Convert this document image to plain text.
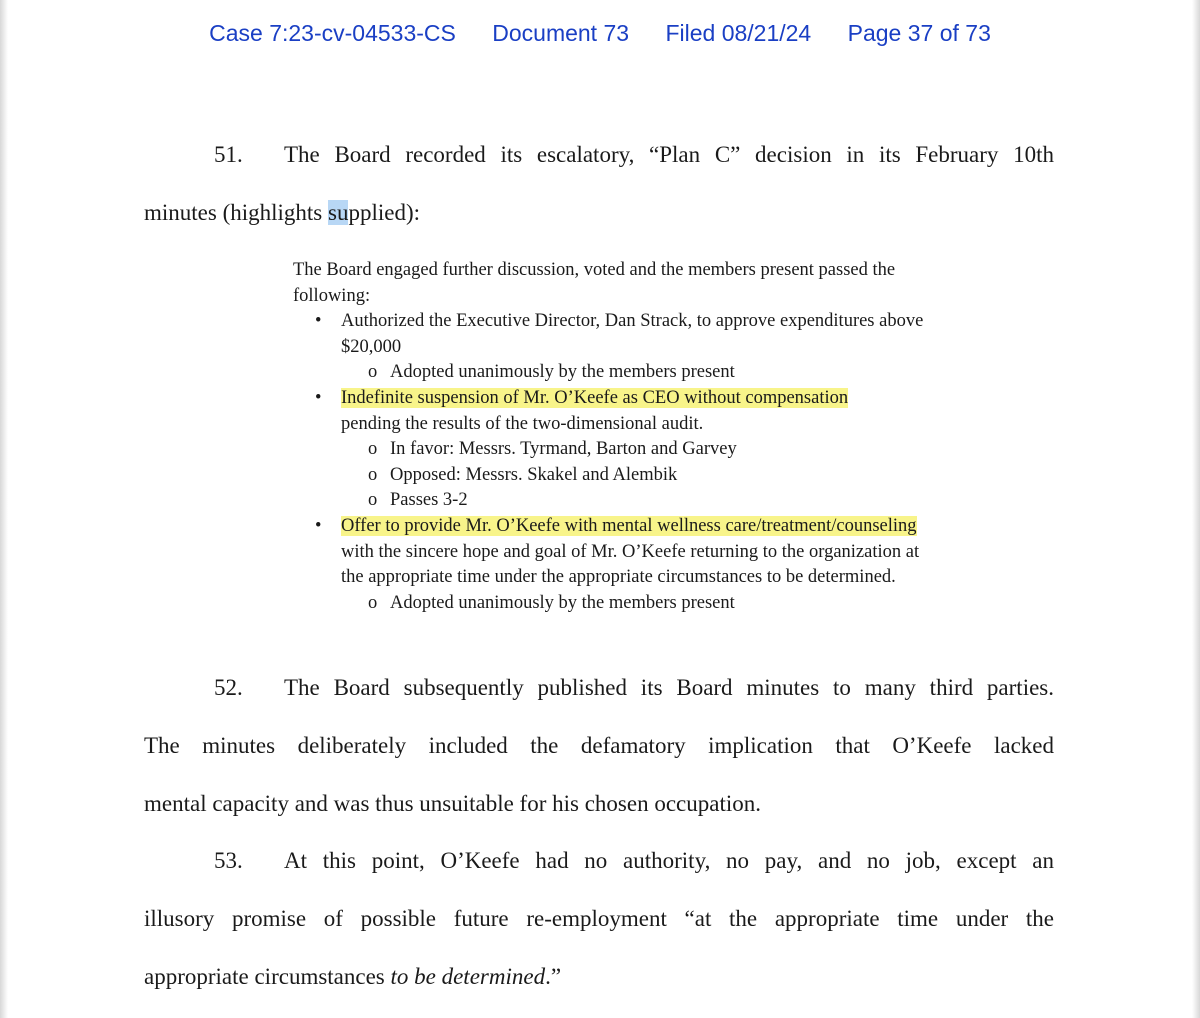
Case 7:23-cv-04533-CS Document 73 Filed 08/21/24 Page 37 of 73
51. The Board recorded its escalatory, “Plan C” decision in its February 10th
minutes (highlights supplied):

The Board engaged further discussion, voted and the members present passed the following:

• Authorized the Executive Director, Dan Strack, to approve expenditures above $20,000
o Adopted unanimously by the members present
• Indefinite suspension of Mr. O’Keefe as CEO without compensation
pending the results of the two-dimensional audit.
o In favor: Messrs. Tyrmand, Barton and Garvey
o Opposed: Messrs. Skakel and Alembik
o Passes 3-2
• Offer to provide Mr. O’Keefe with mental wellness care/treatment/counseling with the sincere hope and goal of Mr. O’Keefe returning to the organization at the appropriate time under the appropriate circumstances to be determined.
o Adopted unanimously by the members present
52. The Board subsequently published its Board minutes to many third parties.
The minutes deliberately included the defamatory implication that O’Keefe lacked
mental capacity and was thus unsuitable for his chosen occupation.
53. At this point, O’Keefe had no authority, no pay, and no job, except an
illusory promise of possible future re-employment “at the appropriate time under the
appropriate circumstances to be determined.”
